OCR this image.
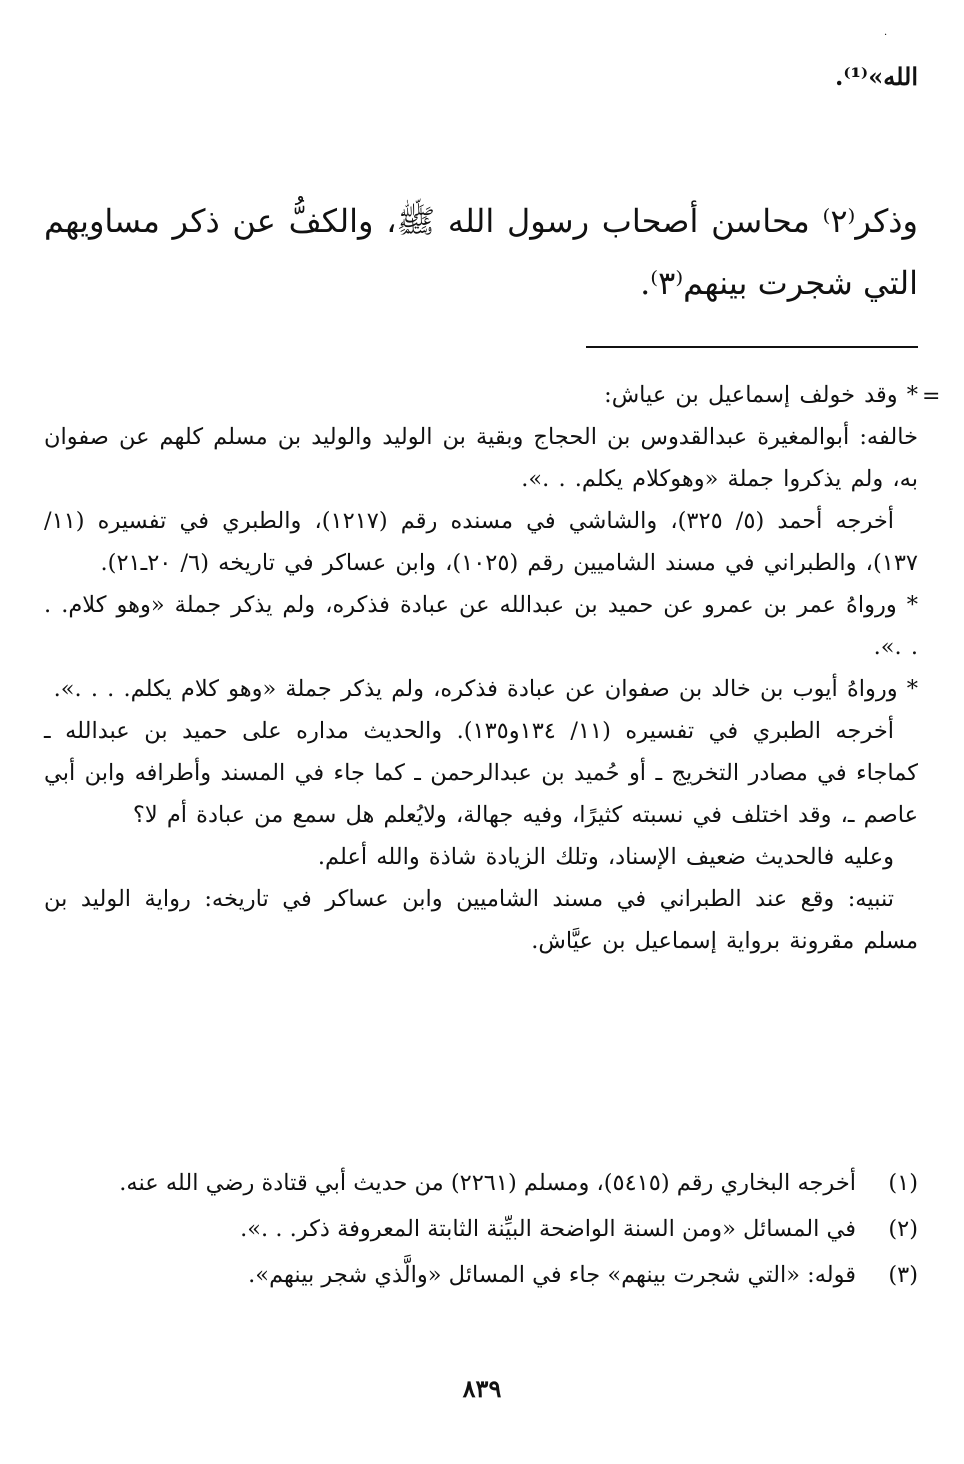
·
الله»⁽¹⁾.
وذكر⁽٢⁾ محاسن أصحاب رسول الله ﷺ، والكفُّ عن ذكر مساويهم التي شجرت بينهم⁽٣⁾.
=

* وقد خولف إسماعيل بن عياش:

خالفه: أبوالمغيرة عبدالقدوس بن الحجاج وبقية بن الوليد والوليد بن مسلم كلهم عن صفوان به، ولم يذكروا جملة «وهوكلام يكلم. . .».

أخرجه أحمد (٥/ ٣٢٥)، والشاشي في مسنده رقم (١٢١٧)، والطبري في تفسيره (١١/ ١٣٧)، والطبراني في مسند الشاميين رقم (١٠٢٥)، وابن عساكر في تاريخه (٦/ ٢٠ـ٢١).

* ورواهُ عمر بن عمرو عن حميد بن عبدالله عن عبادة فذكره، ولم يذكر جملة «وهو كلام. . . .».

* ورواهُ أيوب بن خالد بن صفوان عن عبادة فذكره، ولم يذكر جملة «وهو كلام يكلم. . . .».

أخرجه الطبري في تفسيره (١١/ ١٣٤و١٣٥). والحديث مداره على حميد بن عبدالله ـ كماجاء في مصادر التخريج ـ أو حُميد بن عبدالرحمن ـ كما جاء في المسند وأطرافه وابن أبي عاصم ـ، وقد اختلف في نسبته كثيرًا، وفيه جهالة، ولايُعلم هل سمع من عبادة أم لا؟

وعليه فالحديث ضعيف الإسناد، وتلك الزيادة شاذة والله أعلم.

تنبيه: وقع عند الطبراني في مسند الشاميين وابن عساكر في تاريخه: رواية الوليد بن مسلم مقرونة برواية إسماعيل بن عيَّاش.

(١)
أخرجه البخاري رقم (٥٤١٥)، ومسلم (٢٢٦١) من حديث أبي قتادة رضي الله عنه.
(٢)
في المسائل «ومن السنة الواضحة البيِّنة الثابتة المعروفة ذكر. . .».
(٣)
قوله: «التي شجرت بينهم» جاء في المسائل «والَّذي شجر بينهم».
٨٣٩
